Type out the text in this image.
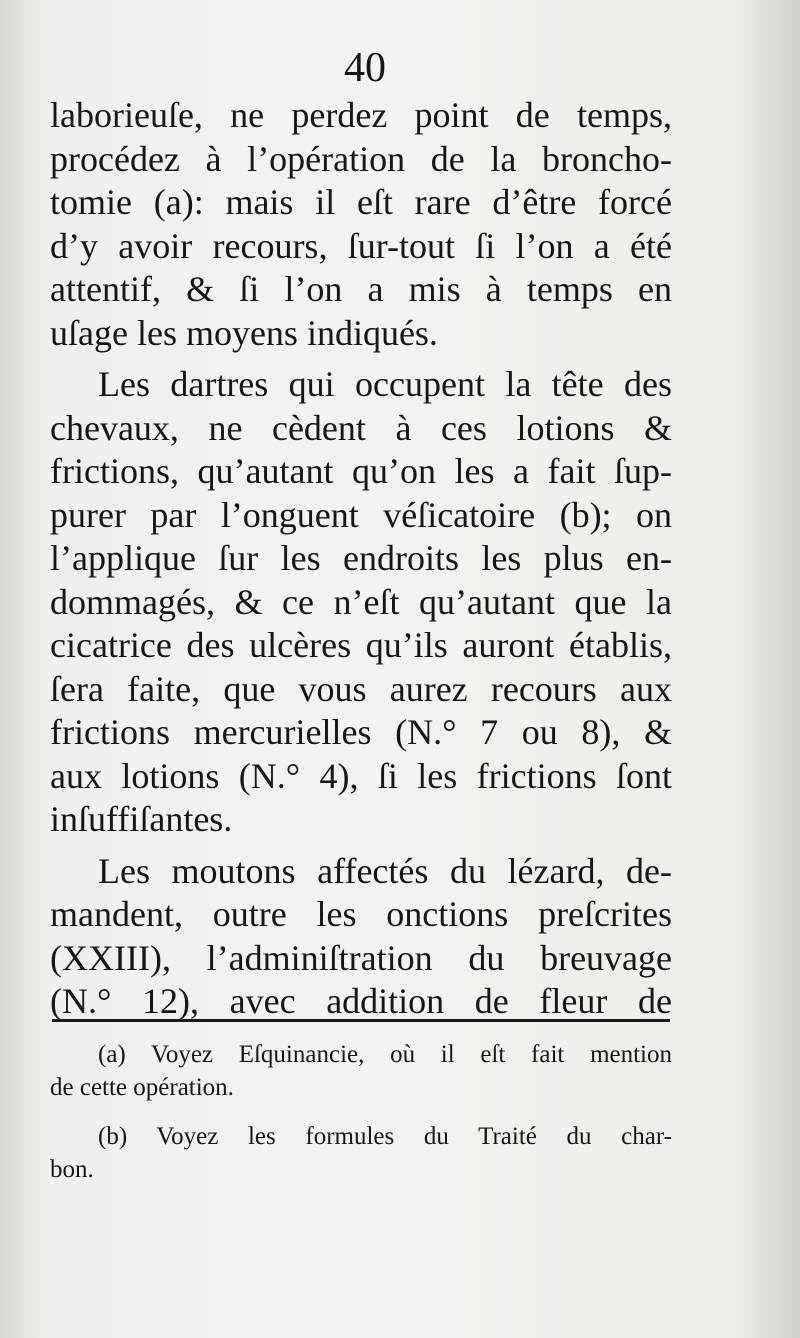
40
laborieuſe, ne perdez point de temps,
procédez à l’opération de la broncho-
tomie (a): mais il eſt rare d’être forcé
d’y avoir recours, ſur-tout ſi l’on a été
attentif, & ſi l’on a mis à temps en
uſage les moyens indiqués.
Les dartres qui occupent la tête des
chevaux, ne cèdent à ces lotions &
frictions, qu’autant qu’on les a fait ſup-
purer par l’onguent véſicatoire (b); on
l’applique ſur les endroits les plus en-
dommagés, & ce n’eſt qu’autant que la
cicatrice des ulcères qu’ils auront établis,
ſera faite, que vous aurez recours aux
frictions mercurielles (N.° 7 ou 8), &
aux lotions (N.° 4), ſi les frictions ſont
inſuffiſantes.
Les moutons affectés du lézard, de-
mandent, outre les onctions preſcrites
(XXIII), l’adminiſtration du breuvage
(N.° 12), avec addition de fleur de
(a) Voyez Eſquinancie, où il eſt fait mention
de cette opération.
(b) Voyez les formules du Traité du char-
bon.
